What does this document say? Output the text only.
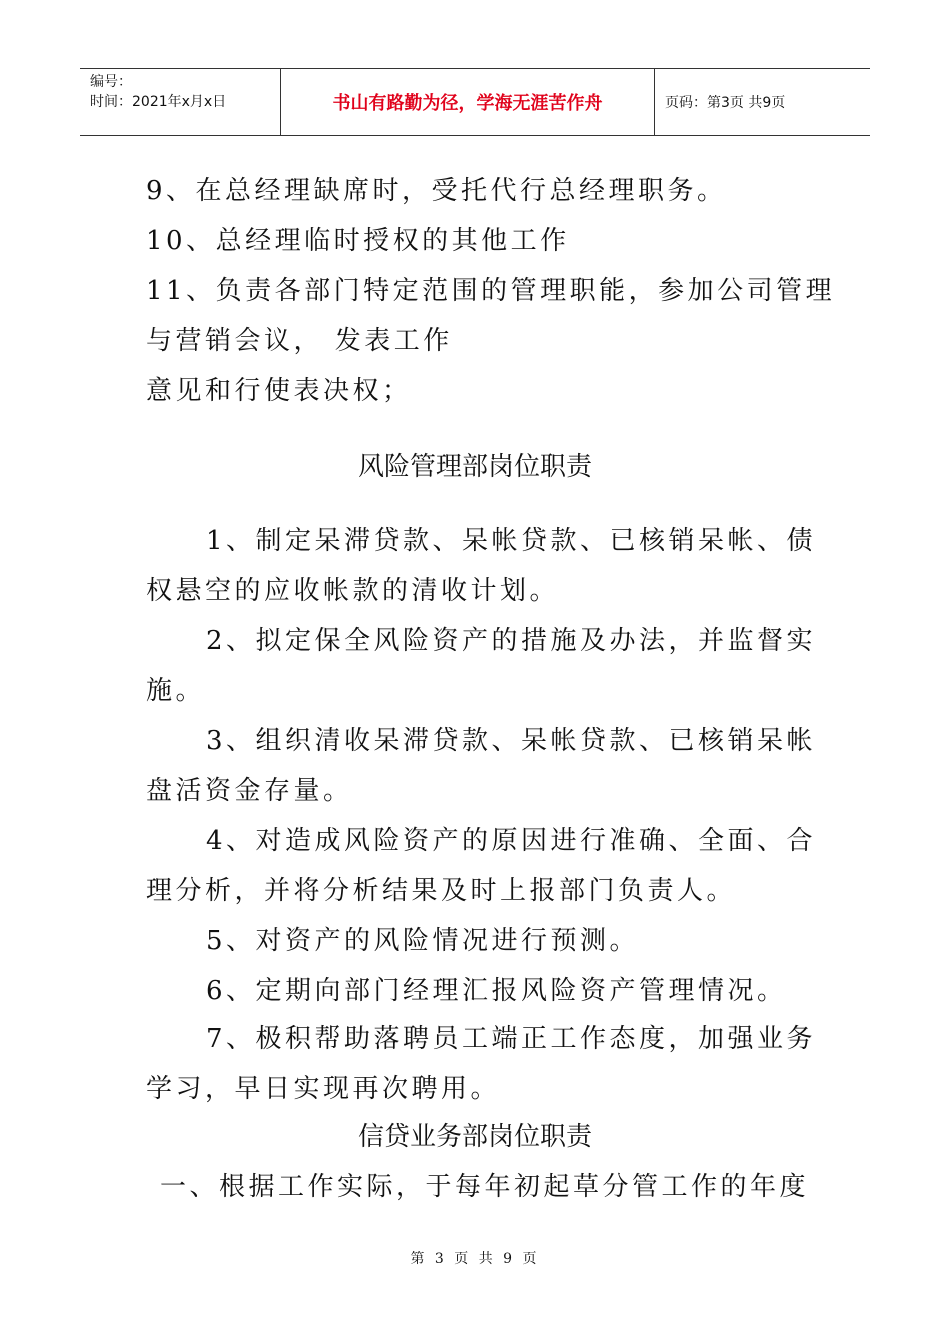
编号：
时间：2021年x月x日	书山有路勤为径，学海无涯苦作舟	页码：第3页 共9页
9、在总经理缺席时，受托代行总经理职务。
10、总经理临时授权的其他工作
11、负责各部门特定范围的管理职能，参加公司管理
与营销会议， 发表工作
意见和行使表决权；
风险管理部岗位职责
1、制定呆滞贷款、呆帐贷款、已核销呆帐、债
权悬空的应收帐款的清收计划。
2、拟定保全风险资产的措施及办法，并监督实
施。
3、组织清收呆滞贷款、呆帐贷款、已核销呆帐
盘活资金存量。
4、对造成风险资产的原因进行准确、全面、合
理分析，并将分析结果及时上报部门负责人。
5、对资产的风险情况进行预测。
6、定期向部门经理汇报风险资产管理情况。
7、极积帮助落聘员工端正工作态度，加强业务
学习，早日实现再次聘用。
信贷业务部岗位职责
一、根据工作实际，于每年初起草分管工作的年度
第 3 页 共 9 页
